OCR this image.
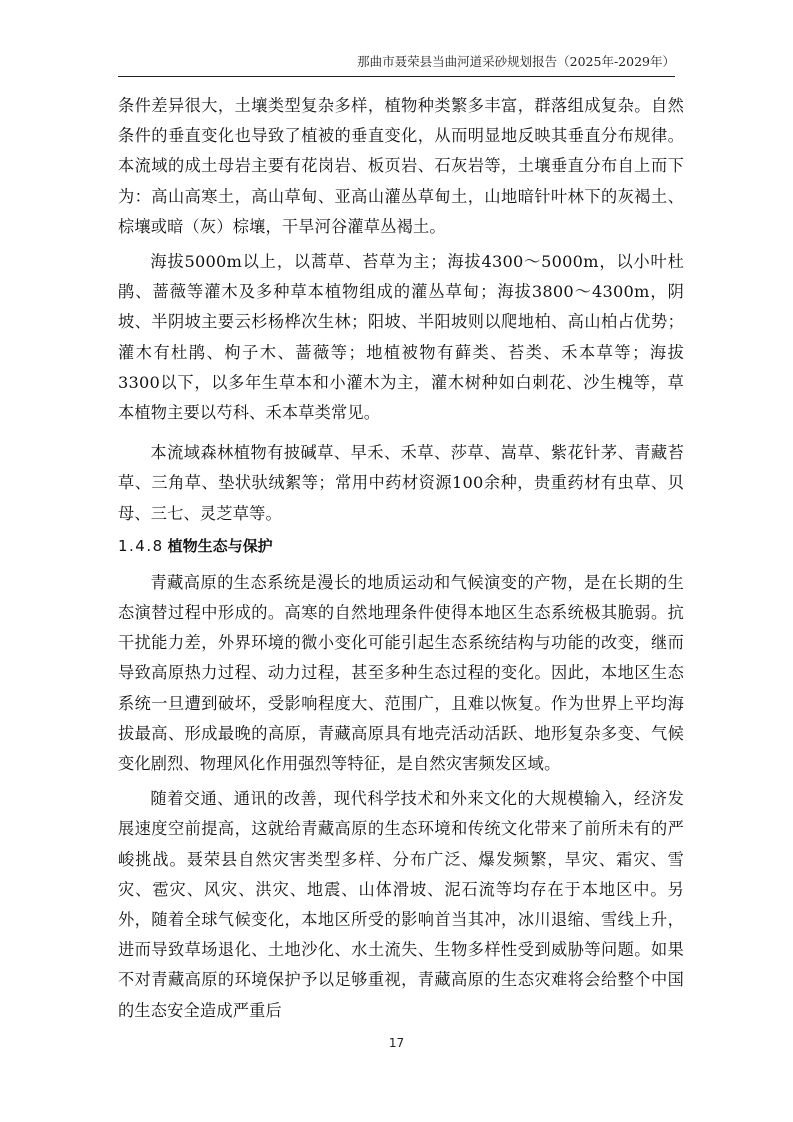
那曲市聂荣县当曲河道采砂规划报告（2025年-2029年）

条件差异很大，土壤类型复杂多样，植物种类繁多丰富，群落组成复杂。自然条件的垂直变化也导致了植被的垂直变化，从而明显地反映其垂直分布规律。本流域的成土母岩主要有花岗岩、板页岩、石灰岩等，土壤垂直分布自上而下为：高山高寒土，高山草甸、亚高山灌丛草甸土，山地暗针叶林下的灰褐土、棕壤或暗（灰）棕壤，干旱河谷灌草丛褐土。

海拔5000m以上，以蒿草、苔草为主；海拔4300～5000m，以小叶杜鹃、蔷薇等灌木及多种草本植物组成的灌丛草甸；海拔3800～4300m，阴坡、半阴坡主要云杉杨桦次生林；阳坡、半阳坡则以爬地柏、高山柏占优势；灌木有杜鹃、枸子木、蔷薇等；地植被物有藓类、苔类、禾本草等；海拔3300以下，以多年生草本和小灌木为主，灌木树种如白刺花、沙生槐等，草本植物主要以芍科、禾本草类常见。

本流域森林植物有披碱草、早禾、禾草、莎草、嵩草、紫花针茅、青藏苔草、三角草、垫状驮绒絮等；常用中药材资源100余种，贵重药材有虫草、贝母、三七、灵芝草等。

1.4.8 植物生态与保护

青藏高原的生态系统是漫长的地质运动和气候演变的产物，是在长期的生态演替过程中形成的。高寒的自然地理条件使得本地区生态系统极其脆弱。抗干扰能力差，外界环境的微小变化可能引起生态系统结构与功能的改变，继而导致高原热力过程、动力过程，甚至多种生态过程的变化。因此，本地区生态系统一旦遭到破坏，受影响程度大、范围广，且难以恢复。作为世界上平均海拔最高、形成最晚的高原，青藏高原具有地壳活动活跃、地形复杂多变、气候变化剧烈、物理风化作用强烈等特征，是自然灾害频发区域。

随着交通、通讯的改善，现代科学技术和外来文化的大规模输入，经济发展速度空前提高，这就给青藏高原的生态环境和传统文化带来了前所未有的严峻挑战。聂荣县自然灾害类型多样、分布广泛、爆发频繁，旱灾、霜灾、雪灾、雹灾、风灾、洪灾、地震、山体滑坡、泥石流等均存在于本地区中。另外，随着全球气候变化，本地区所受的影响首当其冲，冰川退缩、雪线上升，进而导致草场退化、土地沙化、水土流失、生物多样性受到威胁等问题。如果不对青藏高原的环境保护予以足够重视，青藏高原的生态灾难将会给整个中国的生态安全造成严重后

17
